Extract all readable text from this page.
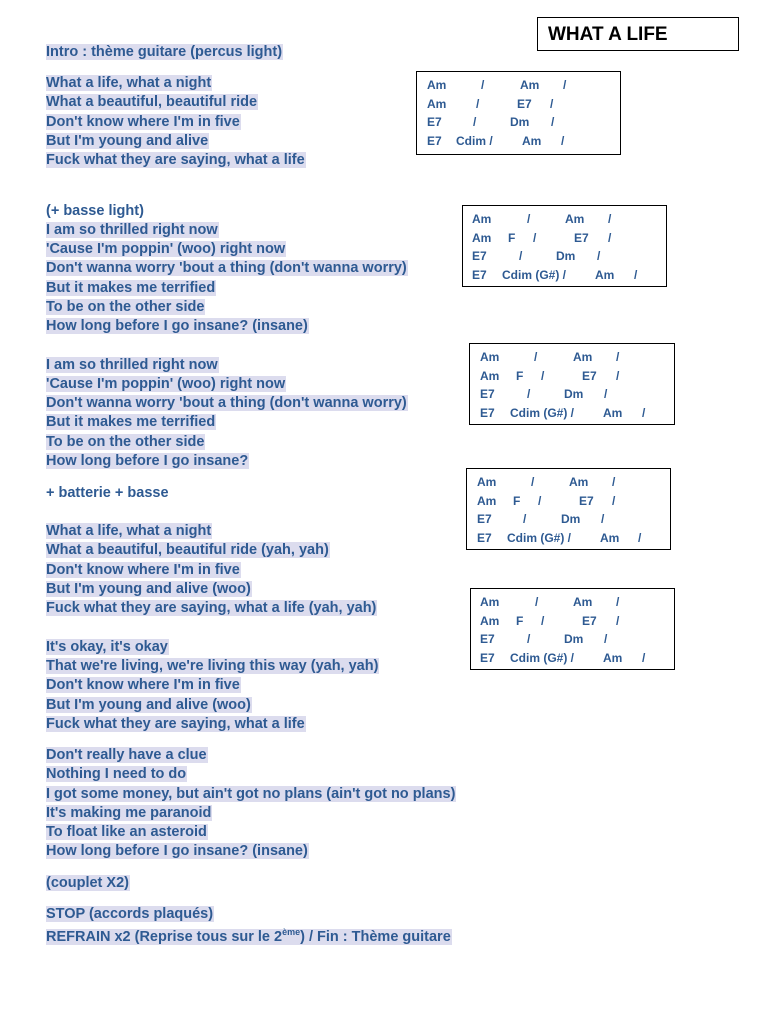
WHAT A LIFE
Intro : thème guitare (percus light)
What a life, what a night
What a beautiful, beautiful ride
Don't know where I'm in five
But I'm young and alive
Fuck what they are saying, what a life
(+ basse light)
I am so thrilled right now
'Cause I'm poppin' (woo) right now
Don't wanna worry 'bout a thing (don't wanna worry)
But it makes me terrified
To be on the other side
How long before I go insane? (insane)
I am so thrilled right now
'Cause I'm poppin' (woo) right now
Don't wanna worry 'bout a thing (don't wanna worry)
But it makes me terrified
To be on the other side
How long before I go insane?
+ batterie + basse
What a life, what a night
What a beautiful, beautiful ride (yah, yah)
Don't know where I'm in five
But I'm young and alive (woo)
Fuck what they are saying, what a life (yah, yah)
It's okay, it's okay
That we're living, we're living this way (yah, yah)
Don't know where I'm in five
But I'm young and alive (woo)
Fuck what they are saying, what a life
Don't really have a clue
Nothing I need to do
I got some money, but ain't got no plans (ain't got no plans)
It's making me paranoid
To float like an asteroid
How long before I go insane? (insane)
(couplet X2)
STOP (accords plaqués)
REFRAIN x2 (Reprise tous sur le 2ème) / Fin : Thème guitare
Am	/	Am /
Am /	E7 /
E7	/	Dm /
E7 Cdim / Am /
Am	/	Am /
Am F /	E7 /
E7	/	Dm /
E7 Cdim (G#) / Am /
Am	/	Am /
Am F /	E7 /
E7	/	Dm /
E7 Cdim (G#) / Am /
Am	/	Am /
Am F /	E7 /
E7	/	Dm /
E7 Cdim (G#) / Am /
Am	/	Am /
Am F /	E7 /
E7	/	Dm /
E7 Cdim (G#) / Am /
